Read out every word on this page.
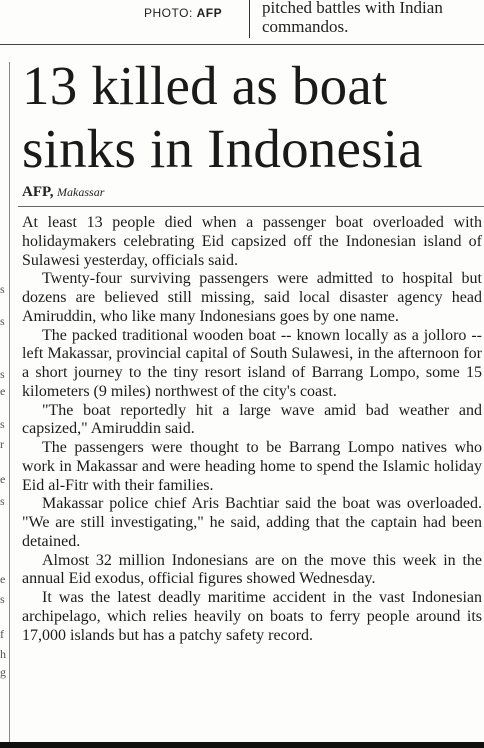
PHOTO: AFP pitched battles with Indian
commandos.
s
s
s
e
s
r
e
s
e
s
f
h
g
13 killed as boat
sinks in Indonesia
AFP, Makassar

At least 13 people died when a passenger boat overloaded with holidaymakers celebrating Eid capsized off the Indonesian island of Sulawesi yesterday, officials said.

Twenty-four surviving passengers were admitted to hospital but dozens are believed still missing, said local disaster agency head Amiruddin, who like many Indonesians goes by one name.

The packed traditional wooden boat -- known locally as a jolloro -- left Makassar, provincial capital of South Sulawesi, in the afternoon for a short journey to the tiny resort island of Barrang Lompo, some 15 kilometers (9 miles) northwest of the city's coast.

"The boat reportedly hit a large wave amid bad weather and capsized," Amiruddin said.

The passengers were thought to be Barrang Lompo natives who work in Makassar and were heading home to spend the Islamic holiday Eid al-Fitr with their families.

Makassar police chief Aris Bachtiar said the boat was overloaded. "We are still investigating," he said, adding that the captain had been detained.

Almost 32 million Indonesians are on the move this week in the annual Eid exodus, official figures showed Wednesday.

It was the latest deadly maritime accident in the vast Indonesian archipelago, which relies heavily on boats to ferry people around its 17,000 islands but has a patchy safety record.
